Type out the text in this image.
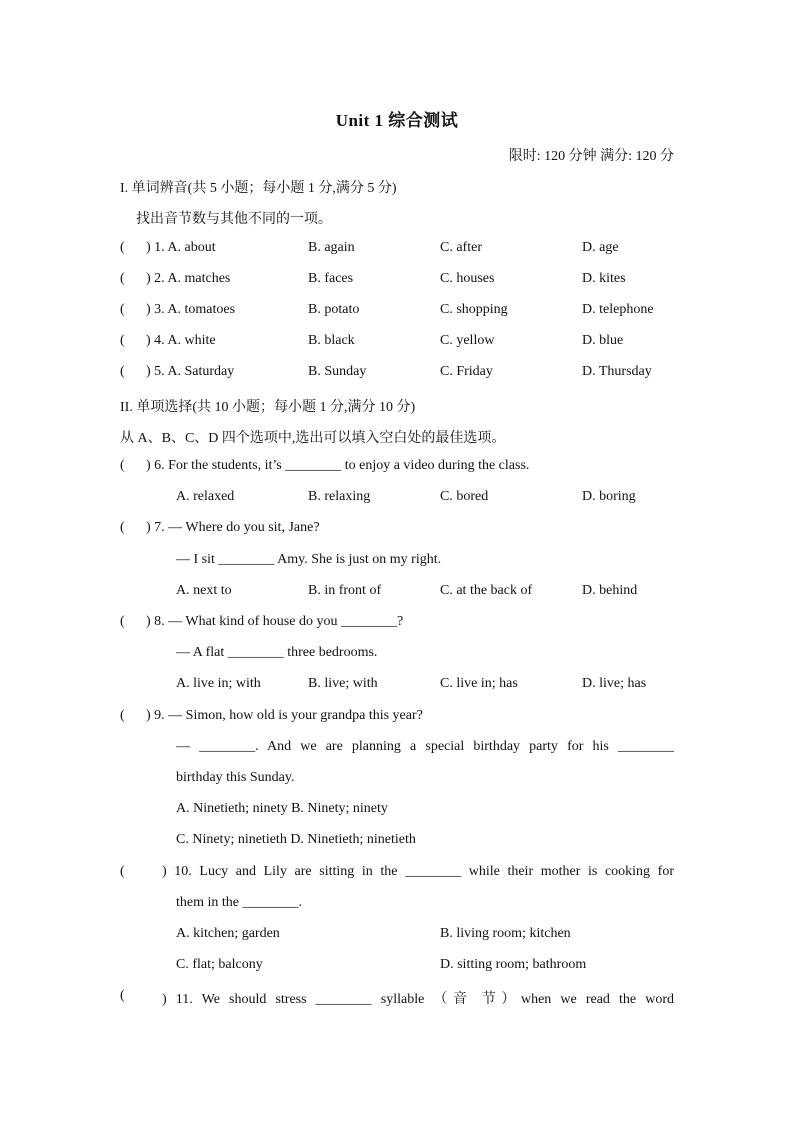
Unit 1 综合测试
限时: 120 分钟 满分: 120 分
I. 单词辨音(共 5 小题；每小题 1 分,满分 5 分)
找出音节数与其他不同的一项。
( ) 1. A. about	B. again	C. after	D. age
( ) 2. A. matches	B. faces	C. houses	D. kites
( ) 3. A. tomatoes	B. potato	C. shopping	D. telephone
( ) 4. A. white	B. black	C. yellow	D. blue
( ) 5. A. Saturday	B. Sunday	C. Friday	D. Thursday
II. 单项选择(共 10 小题；每小题 1 分,满分 10 分)
从 A、B、C、D 四个选项中,选出可以填入空白处的最佳选项。
( ) 6. For the students, it’s ________ to enjoy a video during the class.
A. relaxed	B. relaxing	C. bored	D. boring
( ) 7. — Where do you sit, Jane?
— I sit ________ Amy. She is just on my right.
A. next to	B. in front of	C. at the back of	D. behind
( ) 8. — What kind of house do you ________?
— A flat ________ three bedrooms.
A. live in; with	B. live; with	C. live in; has	D. live; has
( ) 9. — Simon, how old is your grandpa this year?
— ________. And we are planning a special birthday party for his ________
birthday this Sunday.
A. Ninetieth; ninety B. Ninety; ninety
C. Ninety; ninetieth D. Ninetieth; ninetieth
(	) 10. Lucy and Lily are sitting in the ________ while their mother is cooking for
them in the ________.
A. kitchen; garden	B. living room; kitchen
C. flat; balcony	D. sitting room; bathroom
(	) 11. We should stress ________ syllable （音 节）when we read the word
